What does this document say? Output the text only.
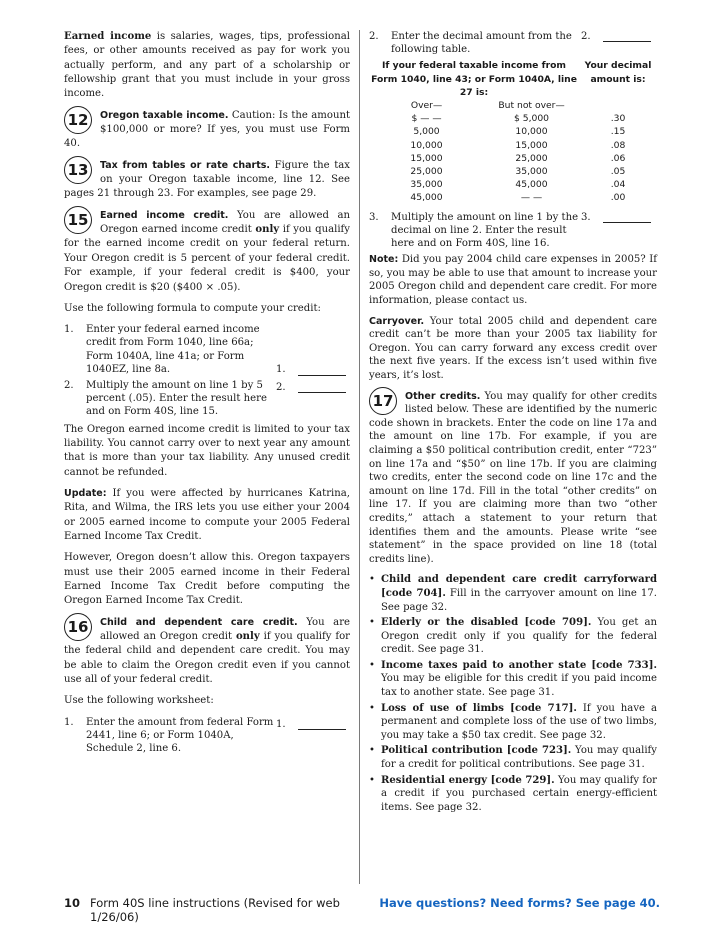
Earned income is salaries, wages, tips, professional fees, or other amounts received as pay for work you actually perform, and any part of a scholarship or fellowship grant that you must include in your gross income.

12	Oregon taxable income. Caution: Is the amount $100,000 or more? If yes, you must use Form 40.
13	Tax from tables or rate charts. Figure the tax on your Oregon taxable income, line 12. See pages 21 through 23. For examples, see page 29.
15	Earned income credit. You are allowed an Oregon earned income credit only if you qualify for the earned income credit on your federal return. Your Oregon credit is 5 percent of your federal credit. For example, if your federal credit is $400, your Oregon credit is $20 ($400 × .05).

Use the following formula to compute your credit:

1.	Enter your federal earned income credit from Form 1040, line 66a; Form 1040A, line 41a; or Form 1040EZ, line 8a.	1.
2.	Multiply the amount on line 1 by 5 percent (.05). Enter the result here and on Form 40S, line 15.
2.

The Oregon earned income credit is limited to your tax liability. You cannot carry over to next year any amount that is more than your tax liability. Any unused credit cannot be refunded.

Update: If you were affected by hurricanes Katrina, Rita, and Wilma, the IRS lets you use either your 2004 or 2005 earned income to compute your 2005 Federal Earned Income Tax Credit.

However, Oregon doesn’t allow this. Oregon taxpayers must use their 2005 earned income in their Federal Earned Income Tax Credit before computing the Oregon Earned Income Tax Credit.

16	Child and dependent care credit. You are allowed an Oregon credit only if you qualify for the federal child and dependent care credit. You may be able to claim the Oregon credit even if you cannot use all of your federal credit.

Use the following worksheet:

1.	Enter the amount from federal Form 2441, line 6; or Form 1040A, Schedule 2, line 6.
1.
2.	Enter the decimal amount from the following table.
2.
If your federal taxable income from Form 1040, line 43; or Form 1040A, line 27 is:
Your decimal amount is:
Over—	But not over—
$ — —	$ 5,000	.30
5,000	10,000	.15
10,000	15,000	.08
15,000	25,000	.06
25,000	35,000	.05
35,000	45,000	.04
45,000	— —	.00
3.	Multiply the amount on line 1 by the decimal on line 2. Enter the result here and on Form 40S, line 16.
3.

Note: Did you pay 2004 child care expenses in 2005? If so, you may be able to use that amount to increase your 2005 Oregon child and dependent care credit. For more information, please contact us.

Carryover. Your total 2005 child and dependent care credit can’t be more than your 2005 tax liability for Oregon. You can carry forward any excess credit over the next five years. If the excess isn’t used within five years, it’s lost.

17	Other credits. You may qualify for other credits listed below. These are identified by the numeric code shown in brackets. Enter the code on line 17a and the amount on line 17b. For example, if you are claiming a $50 political contribution credit, enter “723” on line 17a and “$50” on line 17b. If you are claiming two credits, enter the second code on line 17c and the amount on line 17d. Fill in the total “other credits” on line 17. If you are claiming more than two “other credits,” attach a statement to your return that identifies them and the amounts. Please write “see statement” in the space provided on line 18 (total credits line).
• Child and dependent care credit carryforward [code 704]. Fill in the carryover amount on line 17. See page 32.
• Elderly or the disabled [code 709]. You get an Oregon credit only if you qualify for the federal credit. See page 31.
• Income taxes paid to another state [code 733]. You may be eligible for this credit if you paid income tax to another state. See page 31.
• Loss of use of limbs [code 717]. If you have a permanent and complete loss of the use of two limbs, you may take a $50 tax credit. See page 32.
• Political contribution [code 723]. You may qualify for a credit for political contributions. See page 31.
• Residential energy [code 729]. You may qualify for a credit if you purchased certain energy-efficient items. See page 32.
10 Form 40S line instructions (Revised for web 1/26/06)
Have questions? Need forms? See page 40.
